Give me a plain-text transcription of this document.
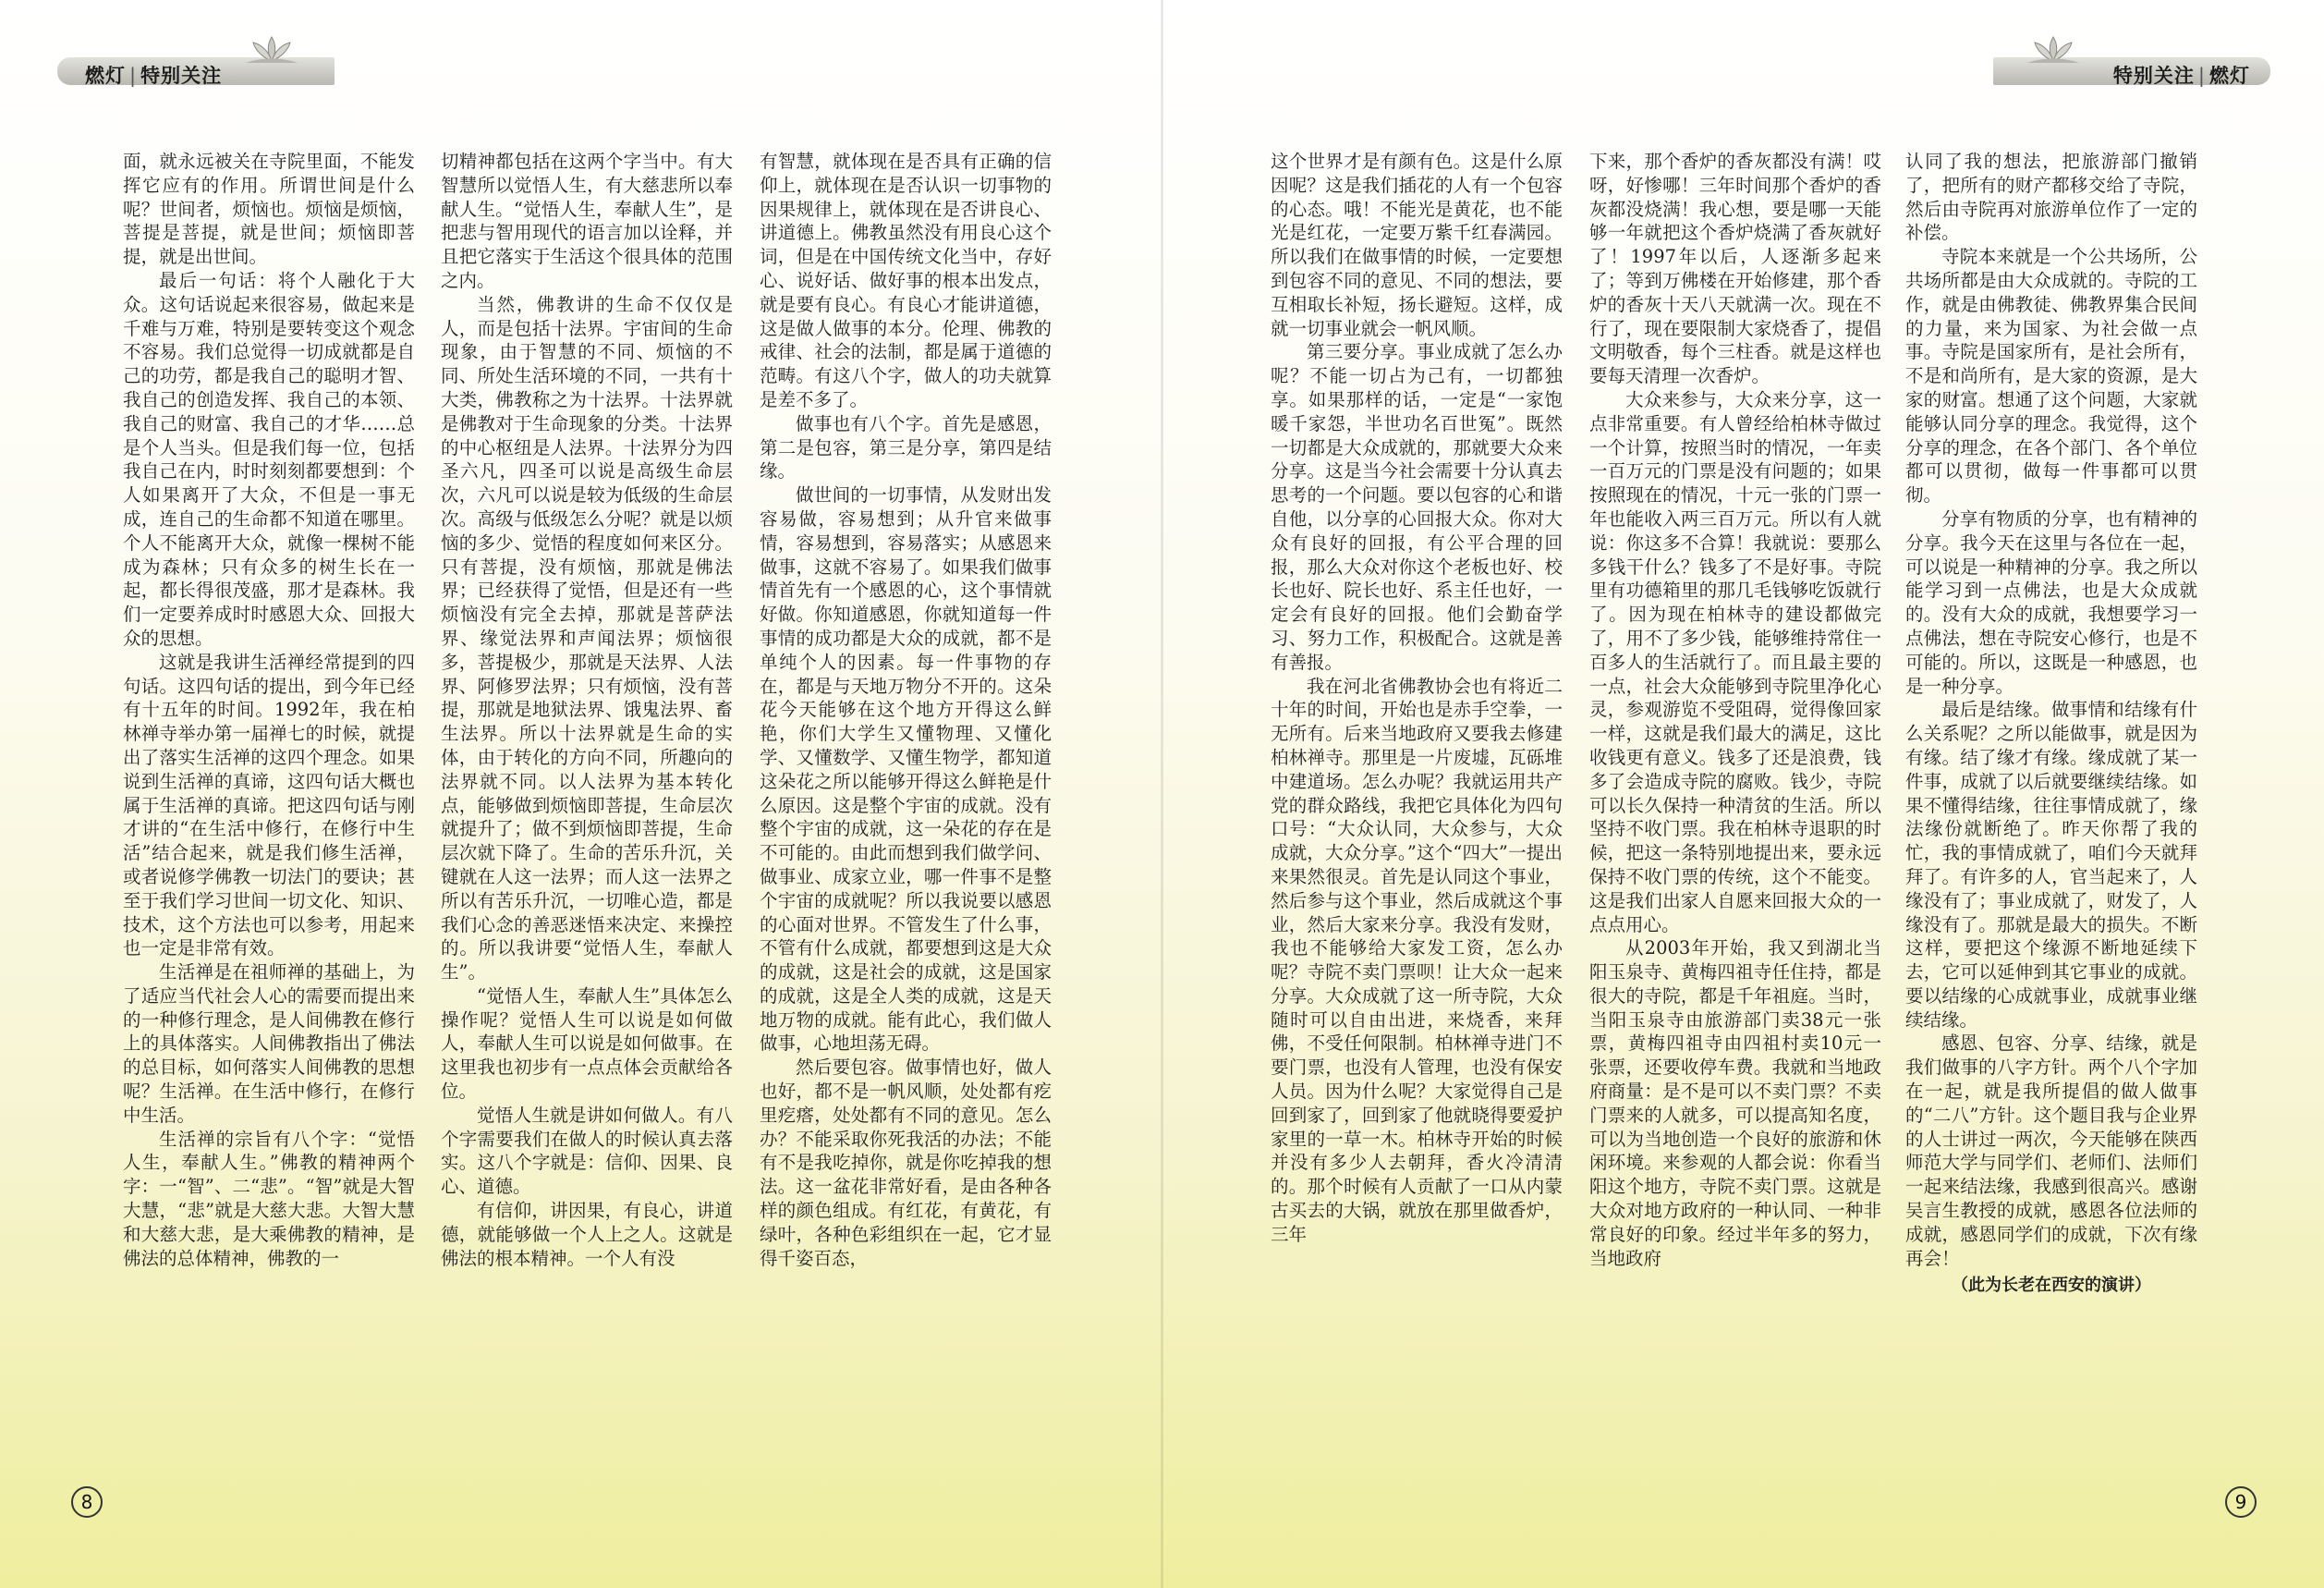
燃灯 | 特别关注

面，就永远被关在寺院里面，不能发挥它应有的作用。所谓世间是什么呢？世间者，烦恼也。烦恼是烦恼，菩提是菩提，就是世间；烦恼即菩提，就是出世间。

最后一句话：将个人融化于大众。这句话说起来很容易，做起来是千难与万难，特别是要转变这个观念不容易。我们总觉得一切成就都是自己的功劳，都是我自己的聪明才智、我自己的创造发挥、我自己的本领、我自己的财富、我自己的才华……总是个人当头。但是我们每一位，包括我自己在内，时时刻刻都要想到：个人如果离开了大众，不但是一事无成，连自己的生命都不知道在哪里。个人不能离开大众，就像一棵树不能成为森林；只有众多的树生长在一起，都长得很茂盛，那才是森林。我们一定要养成时时感恩大众、回报大众的思想。

这就是我讲生活禅经常提到的四句话。这四句话的提出，到今年已经有十五年的时间。1992年，我在柏林禅寺举办第一届禅七的时候，就提出了落实生活禅的这四个理念。如果说到生活禅的真谛，这四句话大概也属于生活禅的真谛。把这四句话与刚才讲的“在生活中修行，在修行中生活”结合起来，就是我们修生活禅，或者说修学佛教一切法门的要诀；甚至于我们学习世间一切文化、知识、技术，这个方法也可以参考，用起来也一定是非常有效。

生活禅是在祖师禅的基础上，为了适应当代社会人心的需要而提出来的一种修行理念，是人间佛教在修行上的具体落实。人间佛教指出了佛法的总目标，如何落实人间佛教的思想呢？生活禅。在生活中修行，在修行中生活。

生活禅的宗旨有八个字：“觉悟人生，奉献人生。”佛教的精神两个字：一“智”、二“悲”。“智”就是大智大慧，“悲”就是大慈大悲。大智大慧和大慈大悲，是大乘佛教的精神，是佛法的总体精神，佛教的一

切精神都包括在这两个字当中。有大智慧所以觉悟人生，有大慈悲所以奉献人生。“觉悟人生，奉献人生”，是把悲与智用现代的语言加以诠释，并且把它落实于生活这个很具体的范围之内。

当然，佛教讲的生命不仅仅是人，而是包括十法界。宇宙间的生命现象，由于智慧的不同、烦恼的不同、所处生活环境的不同，一共有十大类，佛教称之为十法界。十法界就是佛教对于生命现象的分类。十法界的中心枢纽是人法界。十法界分为四圣六凡，四圣可以说是高级生命层次，六凡可以说是较为低级的生命层次。高级与低级怎么分呢？就是以烦恼的多少、觉悟的程度如何来区分。只有菩提，没有烦恼，那就是佛法界；已经获得了觉悟，但是还有一些烦恼没有完全去掉，那就是菩萨法界、缘觉法界和声闻法界；烦恼很多，菩提极少，那就是天法界、人法界、阿修罗法界；只有烦恼，没有菩提，那就是地狱法界、饿鬼法界、畜生法界。所以十法界就是生命的实体，由于转化的方向不同，所趣向的法界就不同。以人法界为基本转化点，能够做到烦恼即菩提，生命层次就提升了；做不到烦恼即菩提，生命层次就下降了。生命的苦乐升沉，关键就在人这一法界；而人这一法界之所以有苦乐升沉，一切唯心造，都是我们心念的善恶迷悟来决定、来操控的。所以我讲要“觉悟人生，奉献人生”。

“觉悟人生，奉献人生”具体怎么操作呢？觉悟人生可以说是如何做人，奉献人生可以说是如何做事。在这里我也初步有一点点体会贡献给各位。

觉悟人生就是讲如何做人。有八个字需要我们在做人的时候认真去落实。这八个字就是：信仰、因果、良心、道德。

有信仰，讲因果，有良心，讲道德，就能够做一个人上之人。这就是佛法的根本精神。一个人有没

有智慧，就体现在是否具有正确的信仰上，就体现在是否认识一切事物的因果规律上，就体现在是否讲良心、讲道德上。佛教虽然没有用良心这个词，但是在中国传统文化当中，存好心、说好话、做好事的根本出发点，就是要有良心。有良心才能讲道德，这是做人做事的本分。伦理、佛教的戒律、社会的法制，都是属于道德的范畴。有这八个字，做人的功夫就算是差不多了。

做事也有八个字。首先是感恩，第二是包容，第三是分享，第四是结缘。

做世间的一切事情，从发财出发容易做，容易想到；从升官来做事情，容易想到，容易落实；从感恩来做事，这就不容易了。如果我们做事情首先有一个感恩的心，这个事情就好做。你知道感恩，你就知道每一件事情的成功都是大众的成就，都不是单纯个人的因素。每一件事物的存在，都是与天地万物分不开的。这朵花今天能够在这个地方开得这么鲜艳，你们大学生又懂物理、又懂化学、又懂数学、又懂生物学，都知道这朵花之所以能够开得这么鲜艳是什么原因。这是整个宇宙的成就。没有整个宇宙的成就，这一朵花的存在是不可能的。由此而想到我们做学问、做事业、成家立业，哪一件事不是整个宇宙的成就呢？所以我说要以感恩的心面对世界。不管发生了什么事，不管有什么成就，都要想到这是大众的成就，这是社会的成就，这是国家的成就，这是全人类的成就，这是天地万物的成就。能有此心，我们做人做事，心地坦荡无碍。

然后要包容。做事情也好，做人也好，都不是一帆风顺，处处都有疙里疙瘩，处处都有不同的意见。怎么办？不能采取你死我活的办法；不能有不是我吃掉你，就是你吃掉我的想法。这一盆花非常好看，是由各种各样的颜色组成。有红花，有黄花，有绿叶，各种色彩组织在一起，它才显得千姿百态，

8
特别关注 | 燃灯

这个世界才是有颜有色。这是什么原因呢？这是我们插花的人有一个包容的心态。哦！不能光是黄花，也不能光是红花，一定要万紫千红春满园。所以我们在做事情的时候，一定要想到包容不同的意见、不同的想法，要互相取长补短，扬长避短。这样，成就一切事业就会一帆风顺。

第三要分享。事业成就了怎么办呢？不能一切占为己有，一切都独享。如果那样的话，一定是“一家饱暖千家怨，半世功名百世冤”。既然一切都是大众成就的，那就要大众来分享。这是当今社会需要十分认真去思考的一个问题。要以包容的心和谐自他，以分享的心回报大众。你对大众有良好的回报，有公平合理的回报，那么大众对你这个老板也好、校长也好、院长也好、系主任也好，一定会有良好的回报。他们会勤奋学习、努力工作，积极配合。这就是善有善报。

我在河北省佛教协会也有将近二十年的时间，开始也是赤手空拳，一无所有。后来当地政府又要我去修建柏林禅寺。那里是一片废墟，瓦砾堆中建道场。怎么办呢？我就运用共产党的群众路线，我把它具体化为四句口号：“大众认同，大众参与，大众成就，大众分享。”这个“四大”一提出来果然很灵。首先是认同这个事业，然后参与这个事业，然后成就这个事业，然后大家来分享。我没有发财，我也不能够给大家发工资，怎么办呢？寺院不卖门票呗！让大众一起来分享。大众成就了这一所寺院，大众随时可以自由出进，来烧香，来拜佛，不受任何限制。柏林禅寺进门不要门票，也没有人管理，也没有保安人员。因为什么呢？大家觉得自己是回到家了，回到家了他就晓得要爱护家里的一草一木。柏林寺开始的时候并没有多少人去朝拜，香火冷清清的。那个时候有人贡献了一口从内蒙古买去的大锅，就放在那里做香炉，三年

下来，那个香炉的香灰都没有满！哎呀，好惨哪！三年时间那个香炉的香灰都没烧满！我心想，要是哪一天能够一年就把这个香炉烧满了香灰就好了！1997年以后，人逐渐多起来了；等到万佛楼在开始修建，那个香炉的香灰十天八天就满一次。现在不行了，现在要限制大家烧香了，提倡文明敬香，每个三柱香。就是这样也要每天清理一次香炉。

大众来参与，大众来分享，这一点非常重要。有人曾经给柏林寺做过一个计算，按照当时的情况，一年卖一百万元的门票是没有问题的；如果按照现在的情况，十元一张的门票一年也能收入两三百万元。所以有人就说：你这多不合算！我就说：要那么多钱干什么？钱多了不是好事。寺院里有功德箱里的那几毛钱够吃饭就行了。因为现在柏林寺的建设都做完了，用不了多少钱，能够维持常住一百多人的生活就行了。而且最主要的一点，社会大众能够到寺院里净化心灵，参观游览不受阻碍，觉得像回家一样，这就是我们最大的满足，这比收钱更有意义。钱多了还是浪费，钱多了会造成寺院的腐败。钱少，寺院可以长久保持一种清贫的生活。所以坚持不收门票。我在柏林寺退职的时候，把这一条特别地提出来，要永远保持不收门票的传统，这个不能变。这是我们出家人自愿来回报大众的一点点用心。

从2003年开始，我又到湖北当阳玉泉寺、黄梅四祖寺任住持，都是很大的寺院，都是千年祖庭。当时，当阳玉泉寺由旅游部门卖38元一张票，黄梅四祖寺由四祖村卖10元一张票，还要收停车费。我就和当地政府商量：是不是可以不卖门票？不卖门票来的人就多，可以提高知名度，可以为当地创造一个良好的旅游和休闲环境。来参观的人都会说：你看当阳这个地方，寺院不卖门票。这就是大众对地方政府的一种认同、一种非常良好的印象。经过半年多的努力，当地政府

认同了我的想法，把旅游部门撤销了，把所有的财产都移交给了寺院，然后由寺院再对旅游单位作了一定的补偿。

寺院本来就是一个公共场所，公共场所都是由大众成就的。寺院的工作，就是由佛教徒、佛教界集合民间的力量，来为国家、为社会做一点事。寺院是国家所有，是社会所有，不是和尚所有，是大家的资源，是大家的财富。想通了这个问题，大家就能够认同分享的理念。我觉得，这个分享的理念，在各个部门、各个单位都可以贯彻，做每一件事都可以贯彻。

分享有物质的分享，也有精神的分享。我今天在这里与各位在一起，可以说是一种精神的分享。我之所以能学习到一点佛法，也是大众成就的。没有大众的成就，我想要学习一点佛法，想在寺院安心修行，也是不可能的。所以，这既是一种感恩，也是一种分享。

最后是结缘。做事情和结缘有什么关系呢？之所以能做事，就是因为有缘。结了缘才有缘。缘成就了某一件事，成就了以后就要继续结缘。如果不懂得结缘，往往事情成就了，缘法缘份就断绝了。昨天你帮了我的忙，我的事情成就了，咱们今天就拜拜了。有许多的人，官当起来了，人缘没有了；事业成就了，财发了，人缘没有了。那就是最大的损失。不断这样，要把这个缘源不断地延续下去，它可以延伸到其它事业的成就。要以结缘的心成就事业，成就事业继续结缘。

感恩、包容、分享、结缘，就是我们做事的八字方针。两个八个字加在一起，就是我所提倡的做人做事的“二八”方针。这个题目我与企业界的人士讲过一两次，今天能够在陕西师范大学与同学们、老师们、法师们一起来结法缘，我感到很高兴。感谢吴言生教授的成就，感恩各位法师的成就，感恩同学们的成就，下次有缘再会！

（此为长老在西安的演讲）

9
